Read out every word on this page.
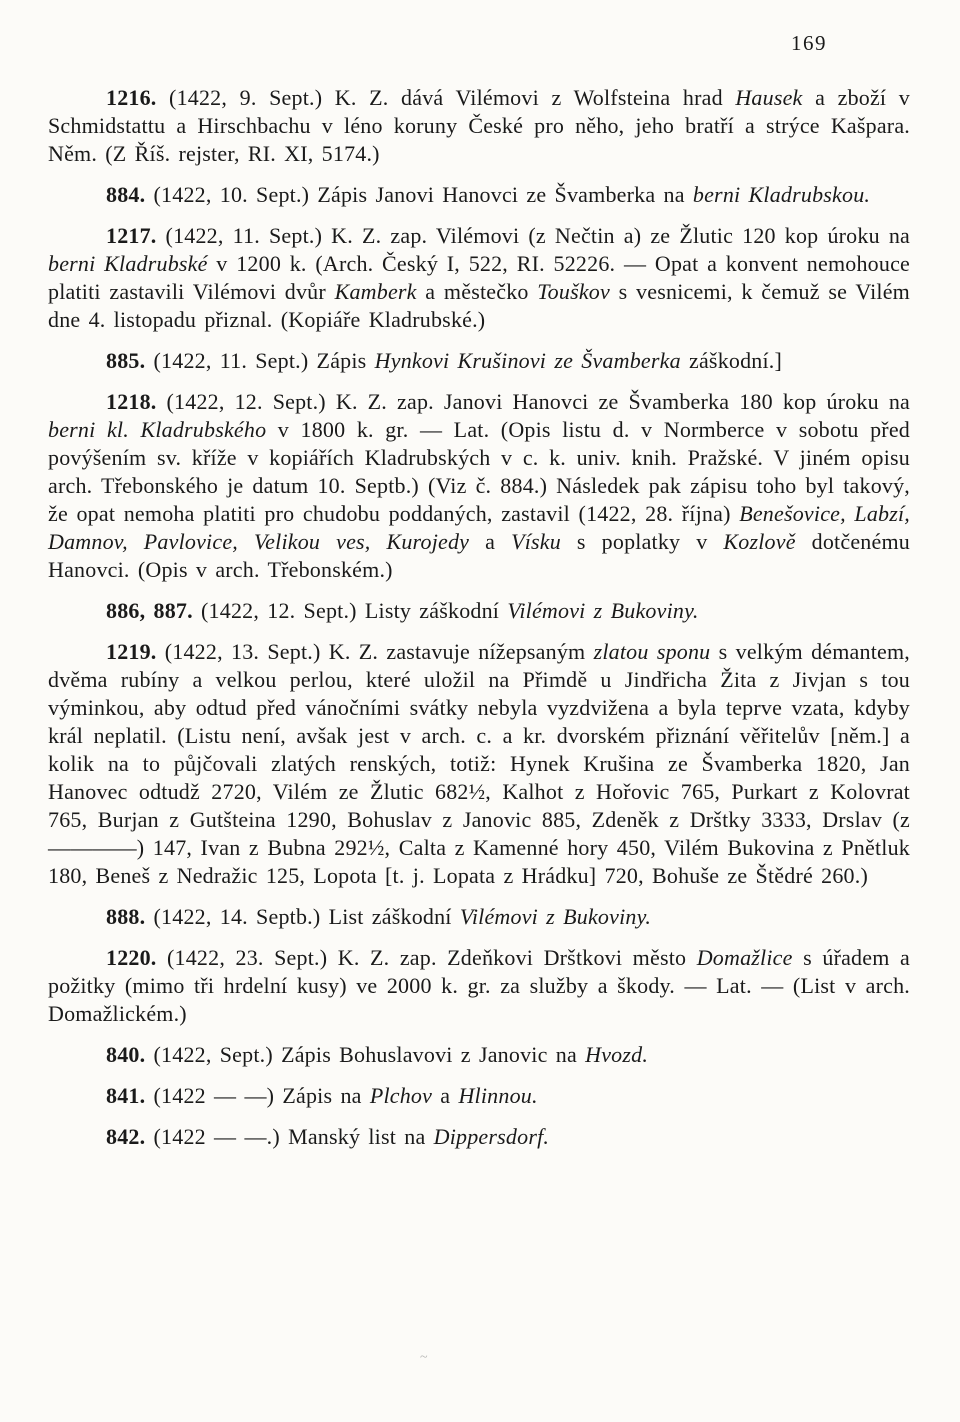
169

1216. (1422, 9. Sept.) K. Z. dává Vilémovi z Wolfsteina hrad Hausek a zboží v Schmidstattu a Hirschbachu v léno koruny České pro něho, jeho bratří a strýce Kašpara. Něm. (Z Říš. rejster, RI. XI, 5174.)

884. (1422, 10. Sept.) Zápis Janovi Hanovci ze Švamberka na berni Kladrubskou.

1217. (1422, 11. Sept.) K. Z. zap. Vilémovi (z Nečtin a) ze Žlutic 120 kop úroku na berni Kladrubské v 1200 k. (Arch. Český I, 522, RI. 52226. — Opat a konvent nemohouce platiti zastavili Vilémovi dvůr Kamberk a městečko Touškov s vesnicemi, k čemuž se Vilém dne 4. listopadu přiznal. (Kopiáře Kladrubské.)

885. (1422, 11. Sept.) Zápis Hynkovi Krušinovi ze Švamberka záškodní.]

1218. (1422, 12. Sept.) K. Z. zap. Janovi Hanovci ze Švamberka 180 kop úroku na berni kl. Kladrubského v 1800 k. gr. — Lat. (Opis listu d. v Normberce v sobotu před povýšením sv. kříže v kopiářích Kladrubských v c. k. univ. knih. Pražské. V jiném opisu arch. Třebonského je datum 10. Septb.) (Viz č. 884.) Následek pak zápisu toho byl takový, že opat nemoha platiti pro chudobu poddaných, zastavil (1422, 28. října) Benešovice, Labzí, Damnov, Pavlovice, Velikou ves, Kurojedy a Vísku s poplatky v Kozlově dotčenému Hanovci. (Opis v arch. Třebonském.)

886, 887. (1422, 12. Sept.) Listy záškodní Vilémovi z Bukoviny.

1219. (1422, 13. Sept.) K. Z. zastavuje nížepsaným zlatou sponu s velkým démantem, dvěma rubíny a velkou perlou, které uložil na Přimdě u Jindřicha Žita z Jivjan s tou výminkou, aby odtud před vánočními svátky nebyla vyzdvižena a byla teprve vzata, kdyby král neplatil. (Listu není, avšak jest v arch. c. a kr. dvorském přiznání věřitelův [něm.] a kolik na to půjčovali zlatých renských, totiž: Hynek Krušina ze Švamberka 1820, Jan Hanovec odtudž 2720, Vilém ze Žlutic 682½, Kalhot z Hořovic 765, Purkart z Kolovrat 765, Burjan z Gutšteina 1290, Bohuslav z Janovic 885, Zdeněk z Drštky 3333, Drslav (z ————) 147, Ivan z Bubna 292½, Calta z Kamenné hory 450, Vilém Bukovina z Pnětluk 180, Beneš z Nedražic 125, Lopota [t. j. Lopata z Hrádku] 720, Bohuše ze Štědré 260.)

888. (1422, 14. Septb.) List záškodní Vilémovi z Bukoviny.

1220. (1422, 23. Sept.) K. Z. zap. Zdeňkovi Drštkovi město Domažlice s úřadem a požitky (mimo tři hrdelní kusy) ve 2000 k. gr. za služby a škody. — Lat. — (List v arch. Domažlickém.)

840. (1422, Sept.) Zápis Bohuslavovi z Janovic na Hvozd.

841. (1422 — —) Zápis na Plchov a Hlinnou.

842. (1422 — —.) Manský list na Dippersdorf.

~
